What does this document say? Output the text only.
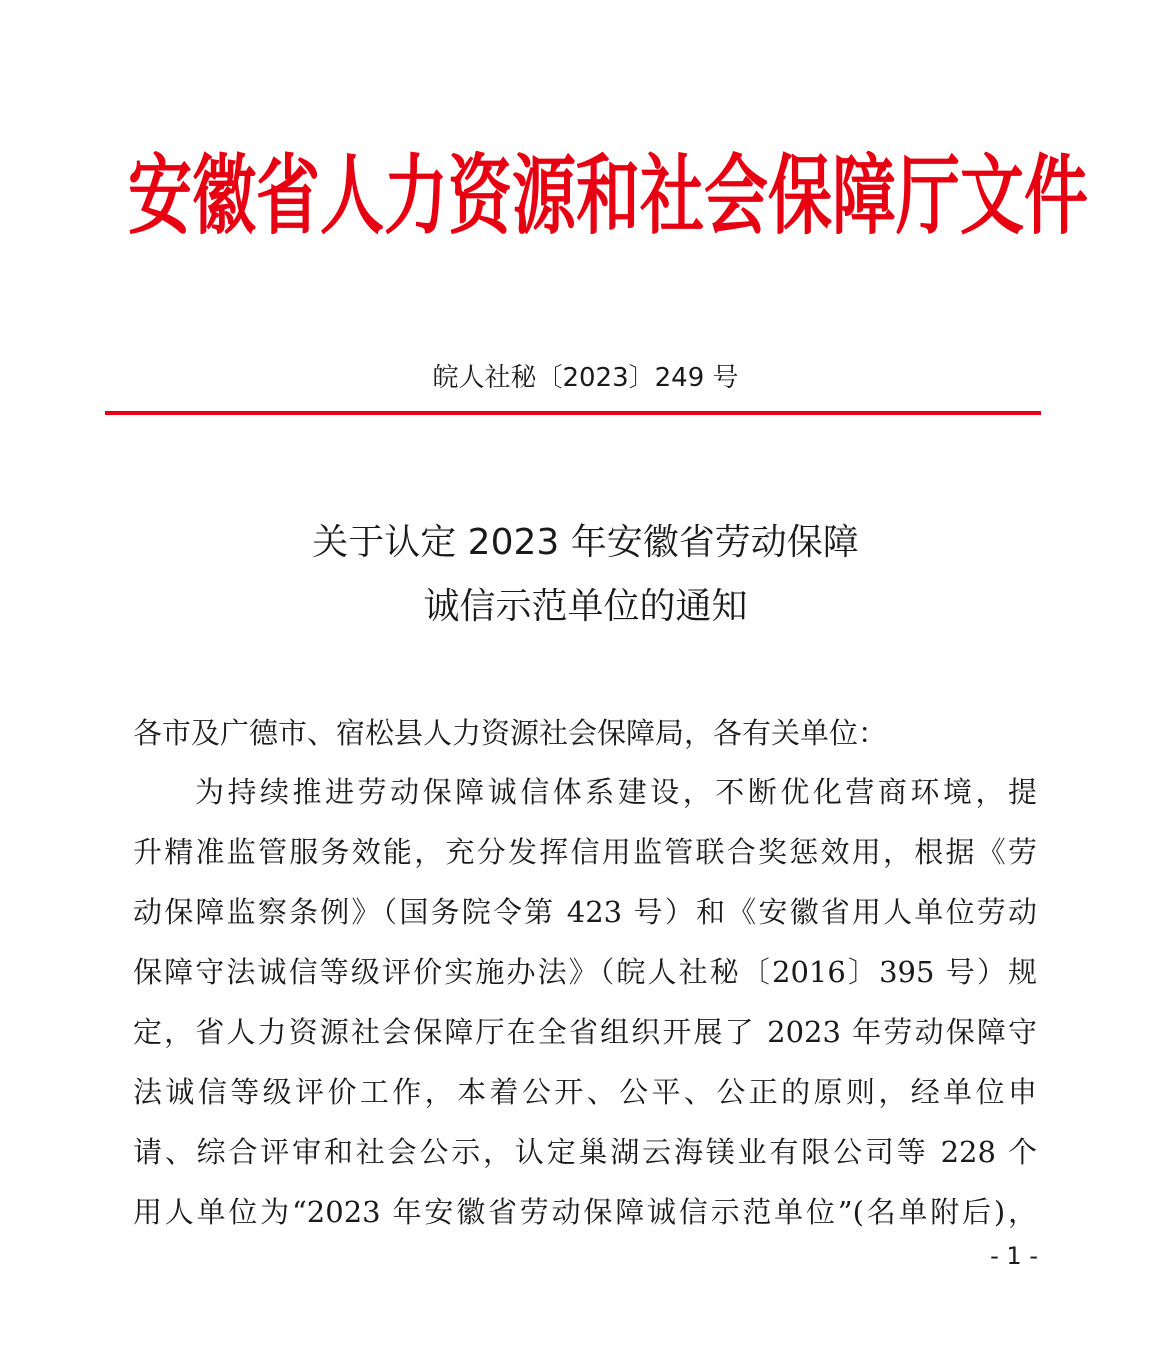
安徽省人力资源和社会保障厅文件
皖人社秘〔2023〕249 号
关于认定 2023 年安徽省劳动保障
诚信示范单位的通知
各市及广德市、宿松县人力资源社会保障局，各有关单位：
为持续推进劳动保障诚信体系建设，不断优化营商环境，提
升精准监管服务效能，充分发挥信用监管联合奖惩效用，根据《劳
动保障监察条例》（国务院令第 423 号）和《安徽省用人单位劳动
保障守法诚信等级评价实施办法》（皖人社秘〔2016〕395 号）规
定，省人力资源社会保障厅在全省组织开展了 2023 年劳动保障守
法诚信等级评价工作，本着公开、公平、公正的原则，经单位申
请、综合评审和社会公示，认定巢湖云海镁业有限公司等 228 个
用人单位为“2023 年安徽省劳动保障诚信示范单位”(名单附后)，
- 1 -
